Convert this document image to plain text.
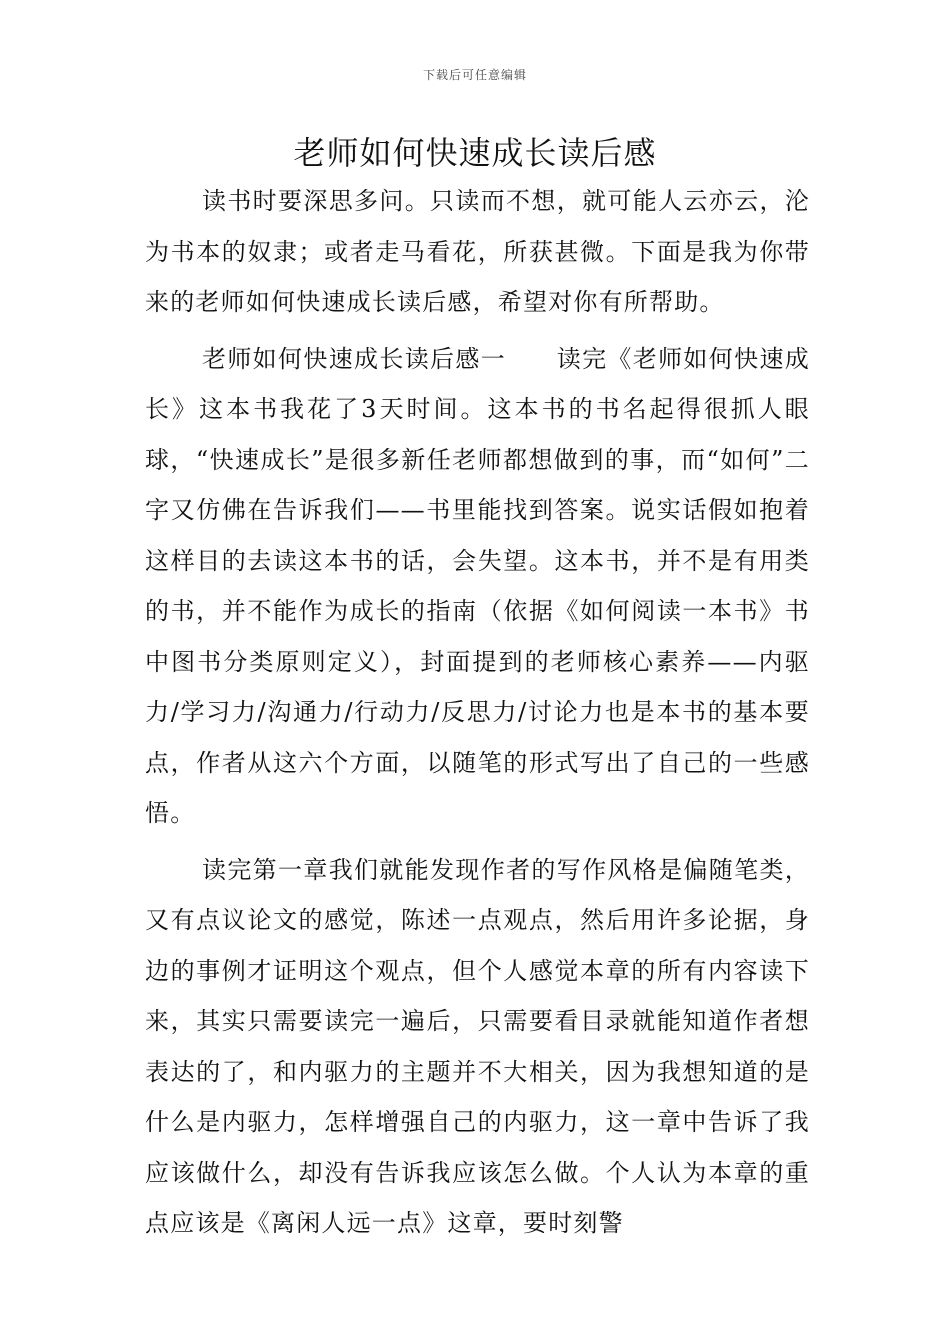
下载后可任意编辑
老师如何快速成长读后感

读书时要深思多问。只读而不想，就可能人云亦云，沦为书本的奴隶；或者走马看花，所获甚微。下面是我为你带来的老师如何快速成长读后感，希望对你有所帮助。

老师如何快速成长读后感一　　读完《老师如何快速成长》这本书我花了3天时间。这本书的书名起得很抓人眼球，“快速成长”是很多新任老师都想做到的事，而“如何”二字又仿佛在告诉我们——书里能找到答案。说实话假如抱着这样目的去读这本书的话，会失望。这本书，并不是有用类的书，并不能作为成长的指南（依据《如何阅读一本书》书中图书分类原则定义），封面提到的老师核心素养——内驱力/学习力/沟通力/行动力/反思力/讨论力也是本书的基本要点，作者从这六个方面，以随笔的形式写出了自己的一些感悟。

读完第一章我们就能发现作者的写作风格是偏随笔类，又有点议论文的感觉，陈述一点观点，然后用许多论据，身边的事例才证明这个观点，但个人感觉本章的所有内容读下来，其实只需要读完一遍后，只需要看目录就能知道作者想表达的了，和内驱力的主题并不大相关，因为我想知道的是什么是内驱力，怎样增强自己的内驱力，这一章中告诉了我应该做什么，却没有告诉我应该怎么做。个人认为本章的重点应该是《离闲人远一点》这章，要时刻警
